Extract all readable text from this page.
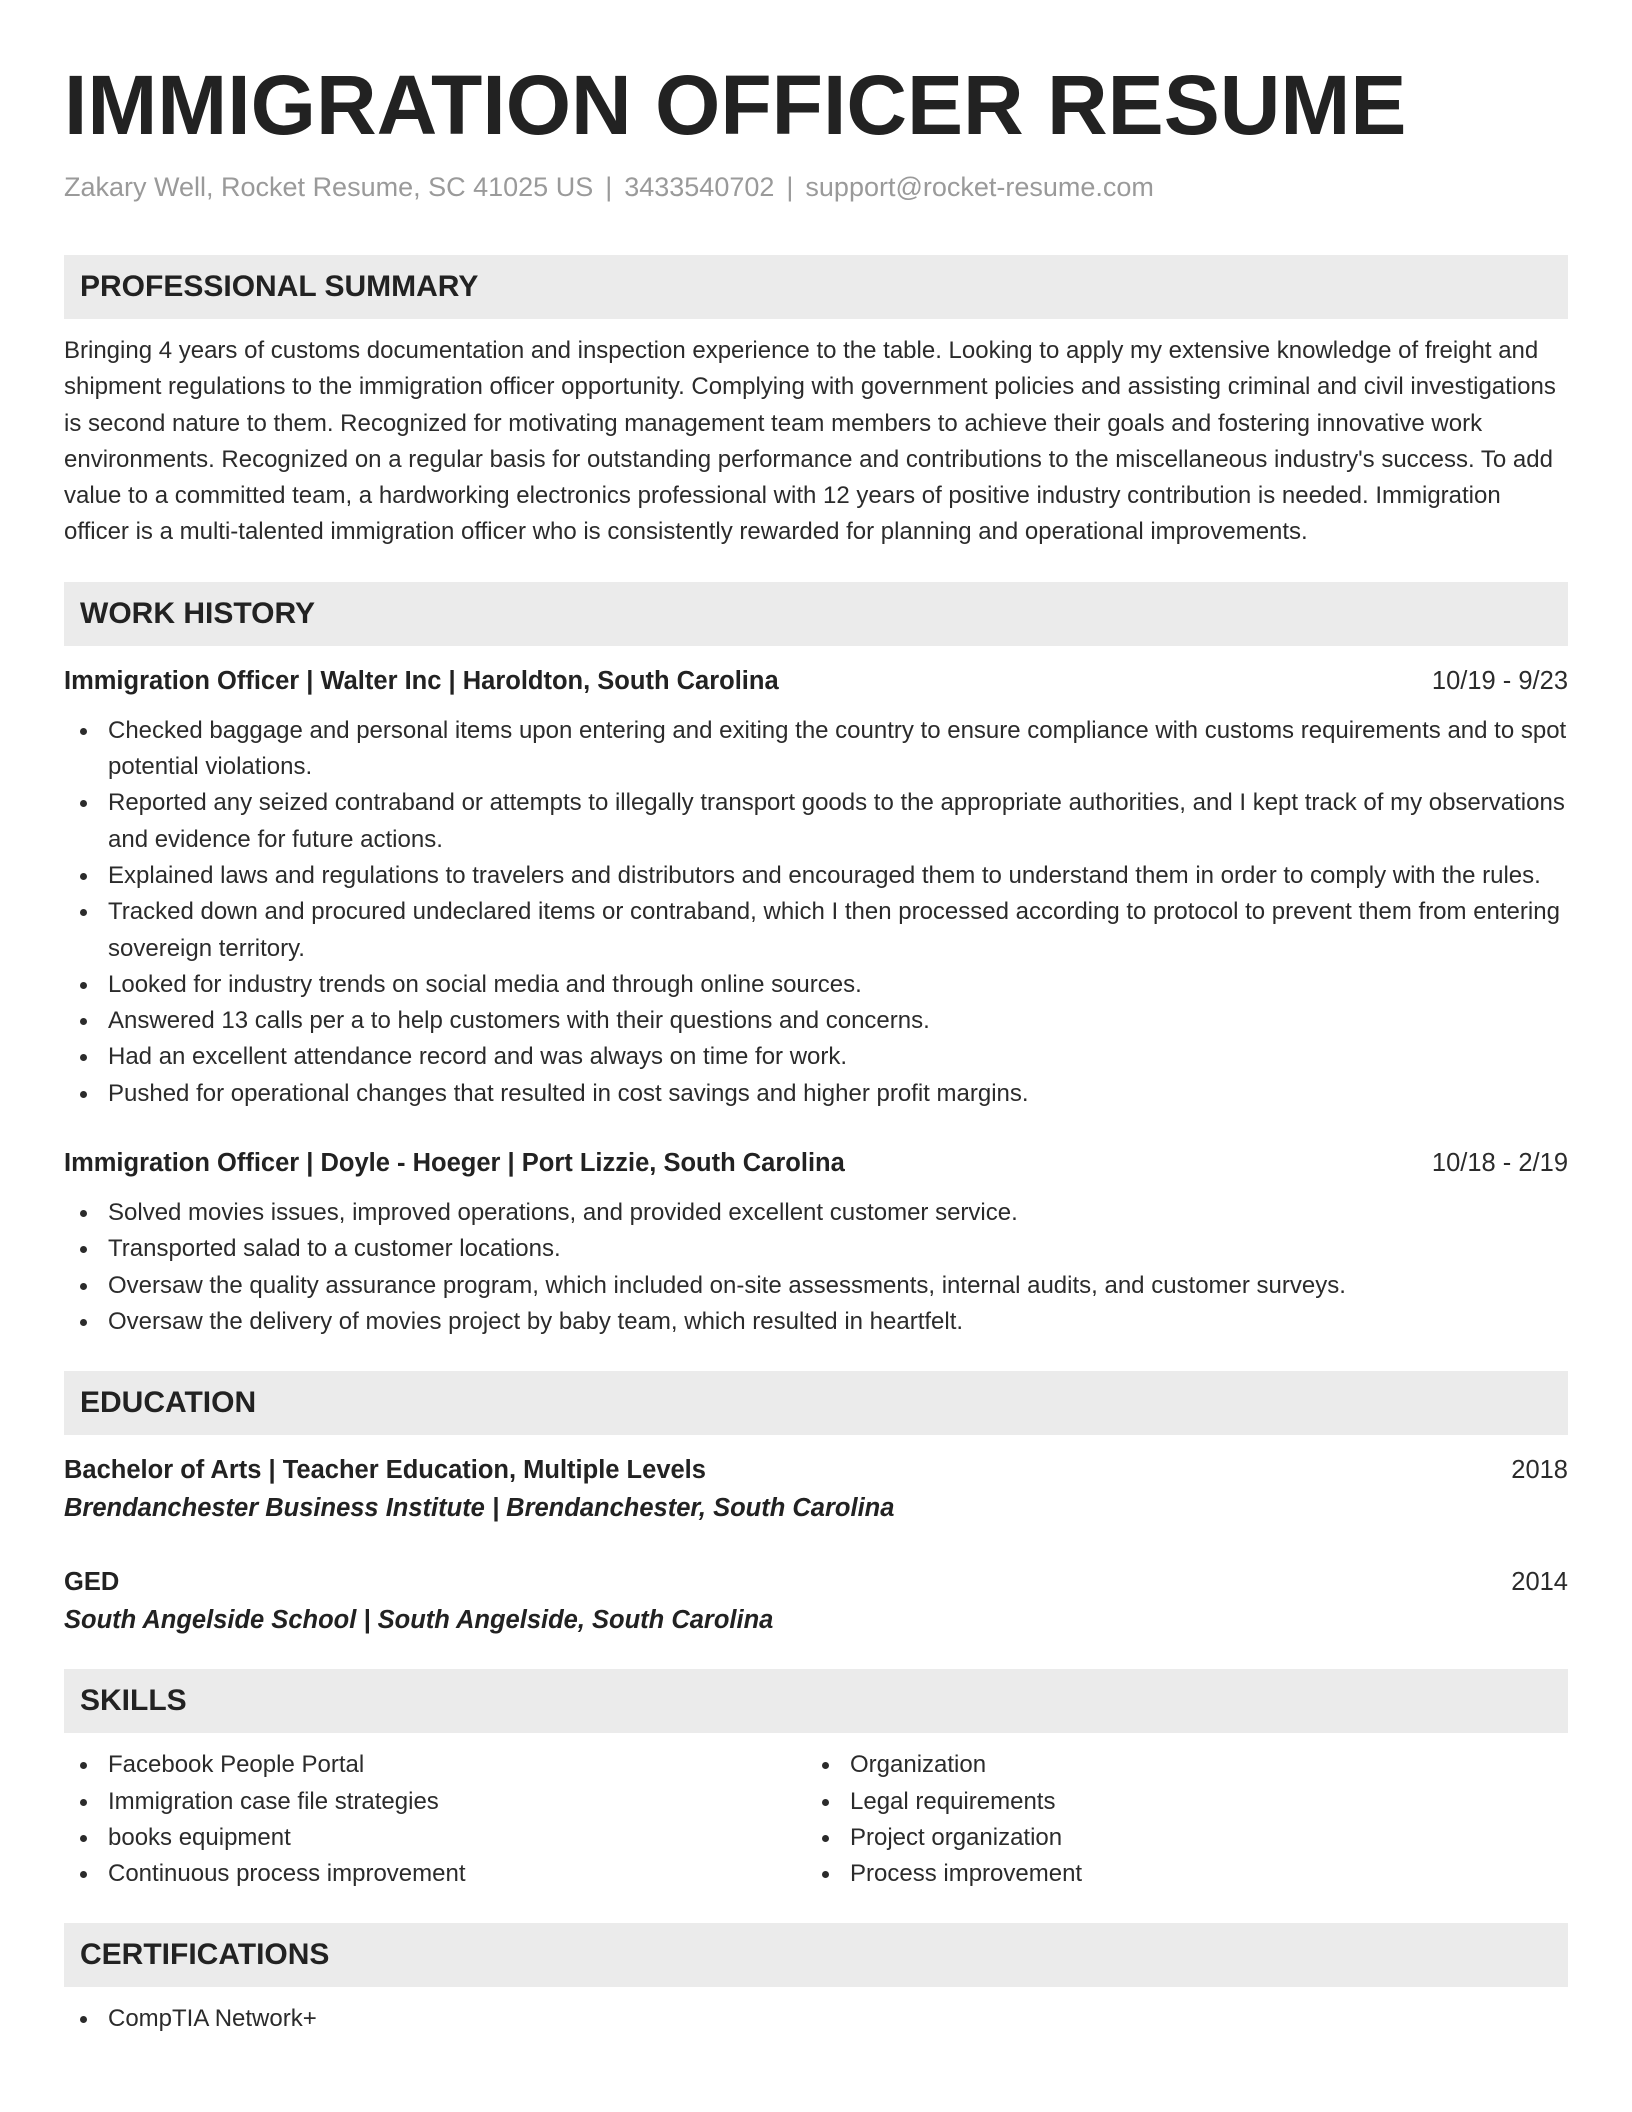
IMMIGRATION OFFICER RESUME
Zakary Well, Rocket Resume, SC 41025 US | 3433540702 | support@rocket-resume.com
PROFESSIONAL SUMMARY
Bringing 4 years of customs documentation and inspection experience to the table. Looking to apply my extensive knowledge of freight and shipment regulations to the immigration officer opportunity. Complying with government policies and assisting criminal and civil investigations is second nature to them. Recognized for motivating management team members to achieve their goals and fostering innovative work environments. Recognized on a regular basis for outstanding performance and contributions to the miscellaneous industry's success. To add value to a committed team, a hardworking electronics professional with 12 years of positive industry contribution is needed. Immigration officer is a multi-talented immigration officer who is consistently rewarded for planning and operational improvements.
WORK HISTORY
Immigration Officer | Walter Inc | Haroldton, South Carolina	10/19 - 9/23
Checked baggage and personal items upon entering and exiting the country to ensure compliance with customs requirements and to spot potential violations.
Reported any seized contraband or attempts to illegally transport goods to the appropriate authorities, and I kept track of my observations and evidence for future actions.
Explained laws and regulations to travelers and distributors and encouraged them to understand them in order to comply with the rules.
Tracked down and procured undeclared items or contraband, which I then processed according to protocol to prevent them from entering sovereign territory.
Looked for industry trends on social media and through online sources.
Answered 13 calls per a to help customers with their questions and concerns.
Had an excellent attendance record and was always on time for work.
Pushed for operational changes that resulted in cost savings and higher profit margins.
Immigration Officer | Doyle - Hoeger | Port Lizzie, South Carolina	10/18 - 2/19
Solved movies issues, improved operations, and provided excellent customer service.
Transported salad to a customer locations.
Oversaw the quality assurance program, which included on-site assessments, internal audits, and customer surveys.
Oversaw the delivery of movies project by baby team, which resulted in heartfelt.
EDUCATION
Bachelor of Arts | Teacher Education, Multiple Levels	2018
Brendanchester Business Institute | Brendanchester, South Carolina
GED	2014
South Angelside School | South Angelside, South Carolina
SKILLS
Facebook People Portal
Immigration case file strategies
books equipment
Continuous process improvement
Organization
Legal requirements
Project organization
Process improvement
CERTIFICATIONS
CompTIA Network+
